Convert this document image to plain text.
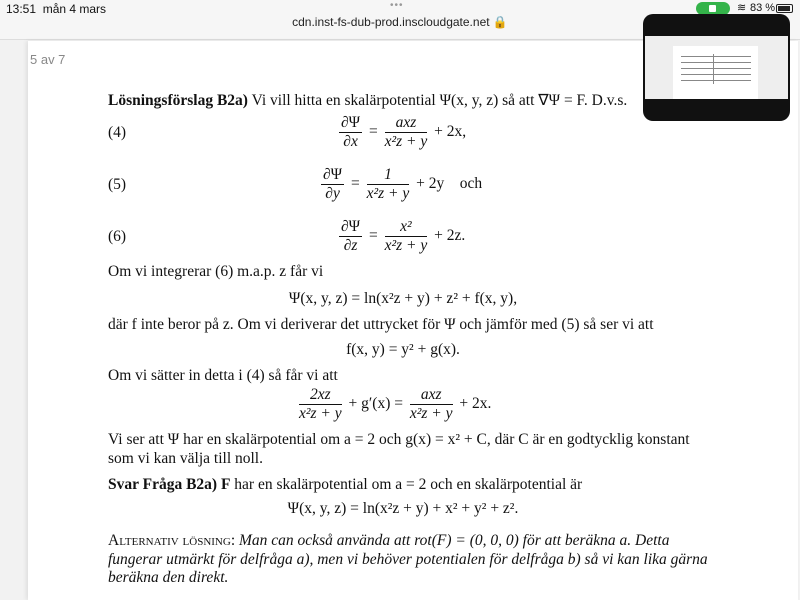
13:51 mån 4 mars	•••
cdn.inst-fs-dub-prod.inscloudgate.net 🔒
≋ 83 %
5 av 7
Lösningsförslag B2a) Vi vill hitta en skalärpotential Ψ(x, y, z) så att ∇Ψ = F. D.v.s.
(4)	$\frac{\partial\Psi}{\partial x}$ =
axz
x²z + y
+ 2x,
(5)	$\frac{\partial\Psi}{\partial y} = \frac{1}{\text{x²z + y}} + 2y$ och
(6)	$\frac{\partial\Psi}{\partial z} = \frac{\text{x²}}{\text{x²z + y}} + 2z$.
Om vi integrerar (6) m.a.p. z får vi
Ψ(x, y, z) = ln(x²z + y) + z² + f(x, y),
där f inte beror på z. Om vi deriverar det uttrycket för Ψ och jämför med (5) så ser vi att
f(x, y) = y² + g(x).
Om vi sätter in detta i (4) så får vi att
$\frac{2xz}{\text{x²z + y}} + g'(x)$ =
axz
x²z + y
+ 2x.
Vi ser att Ψ har en skalärpotential om a = 2 och g(x) = x² + C, där C är en godtycklig konstant
som vi kan välja till noll.
Svar Fråga B2a) F har en skalärpotential om a = 2 och en skalärpotential är
Ψ(x, y, z) = ln(x²z + y) + x² + y² + z².
Alternativ lösning: Man can också använda att rot(F) = (0, 0, 0) för att beräkna a. Detta
fungerar utmärkt för delfråga a), men vi behöver potentialen för delfråga b) så vi kan lika gärna
beräkna den direkt.
